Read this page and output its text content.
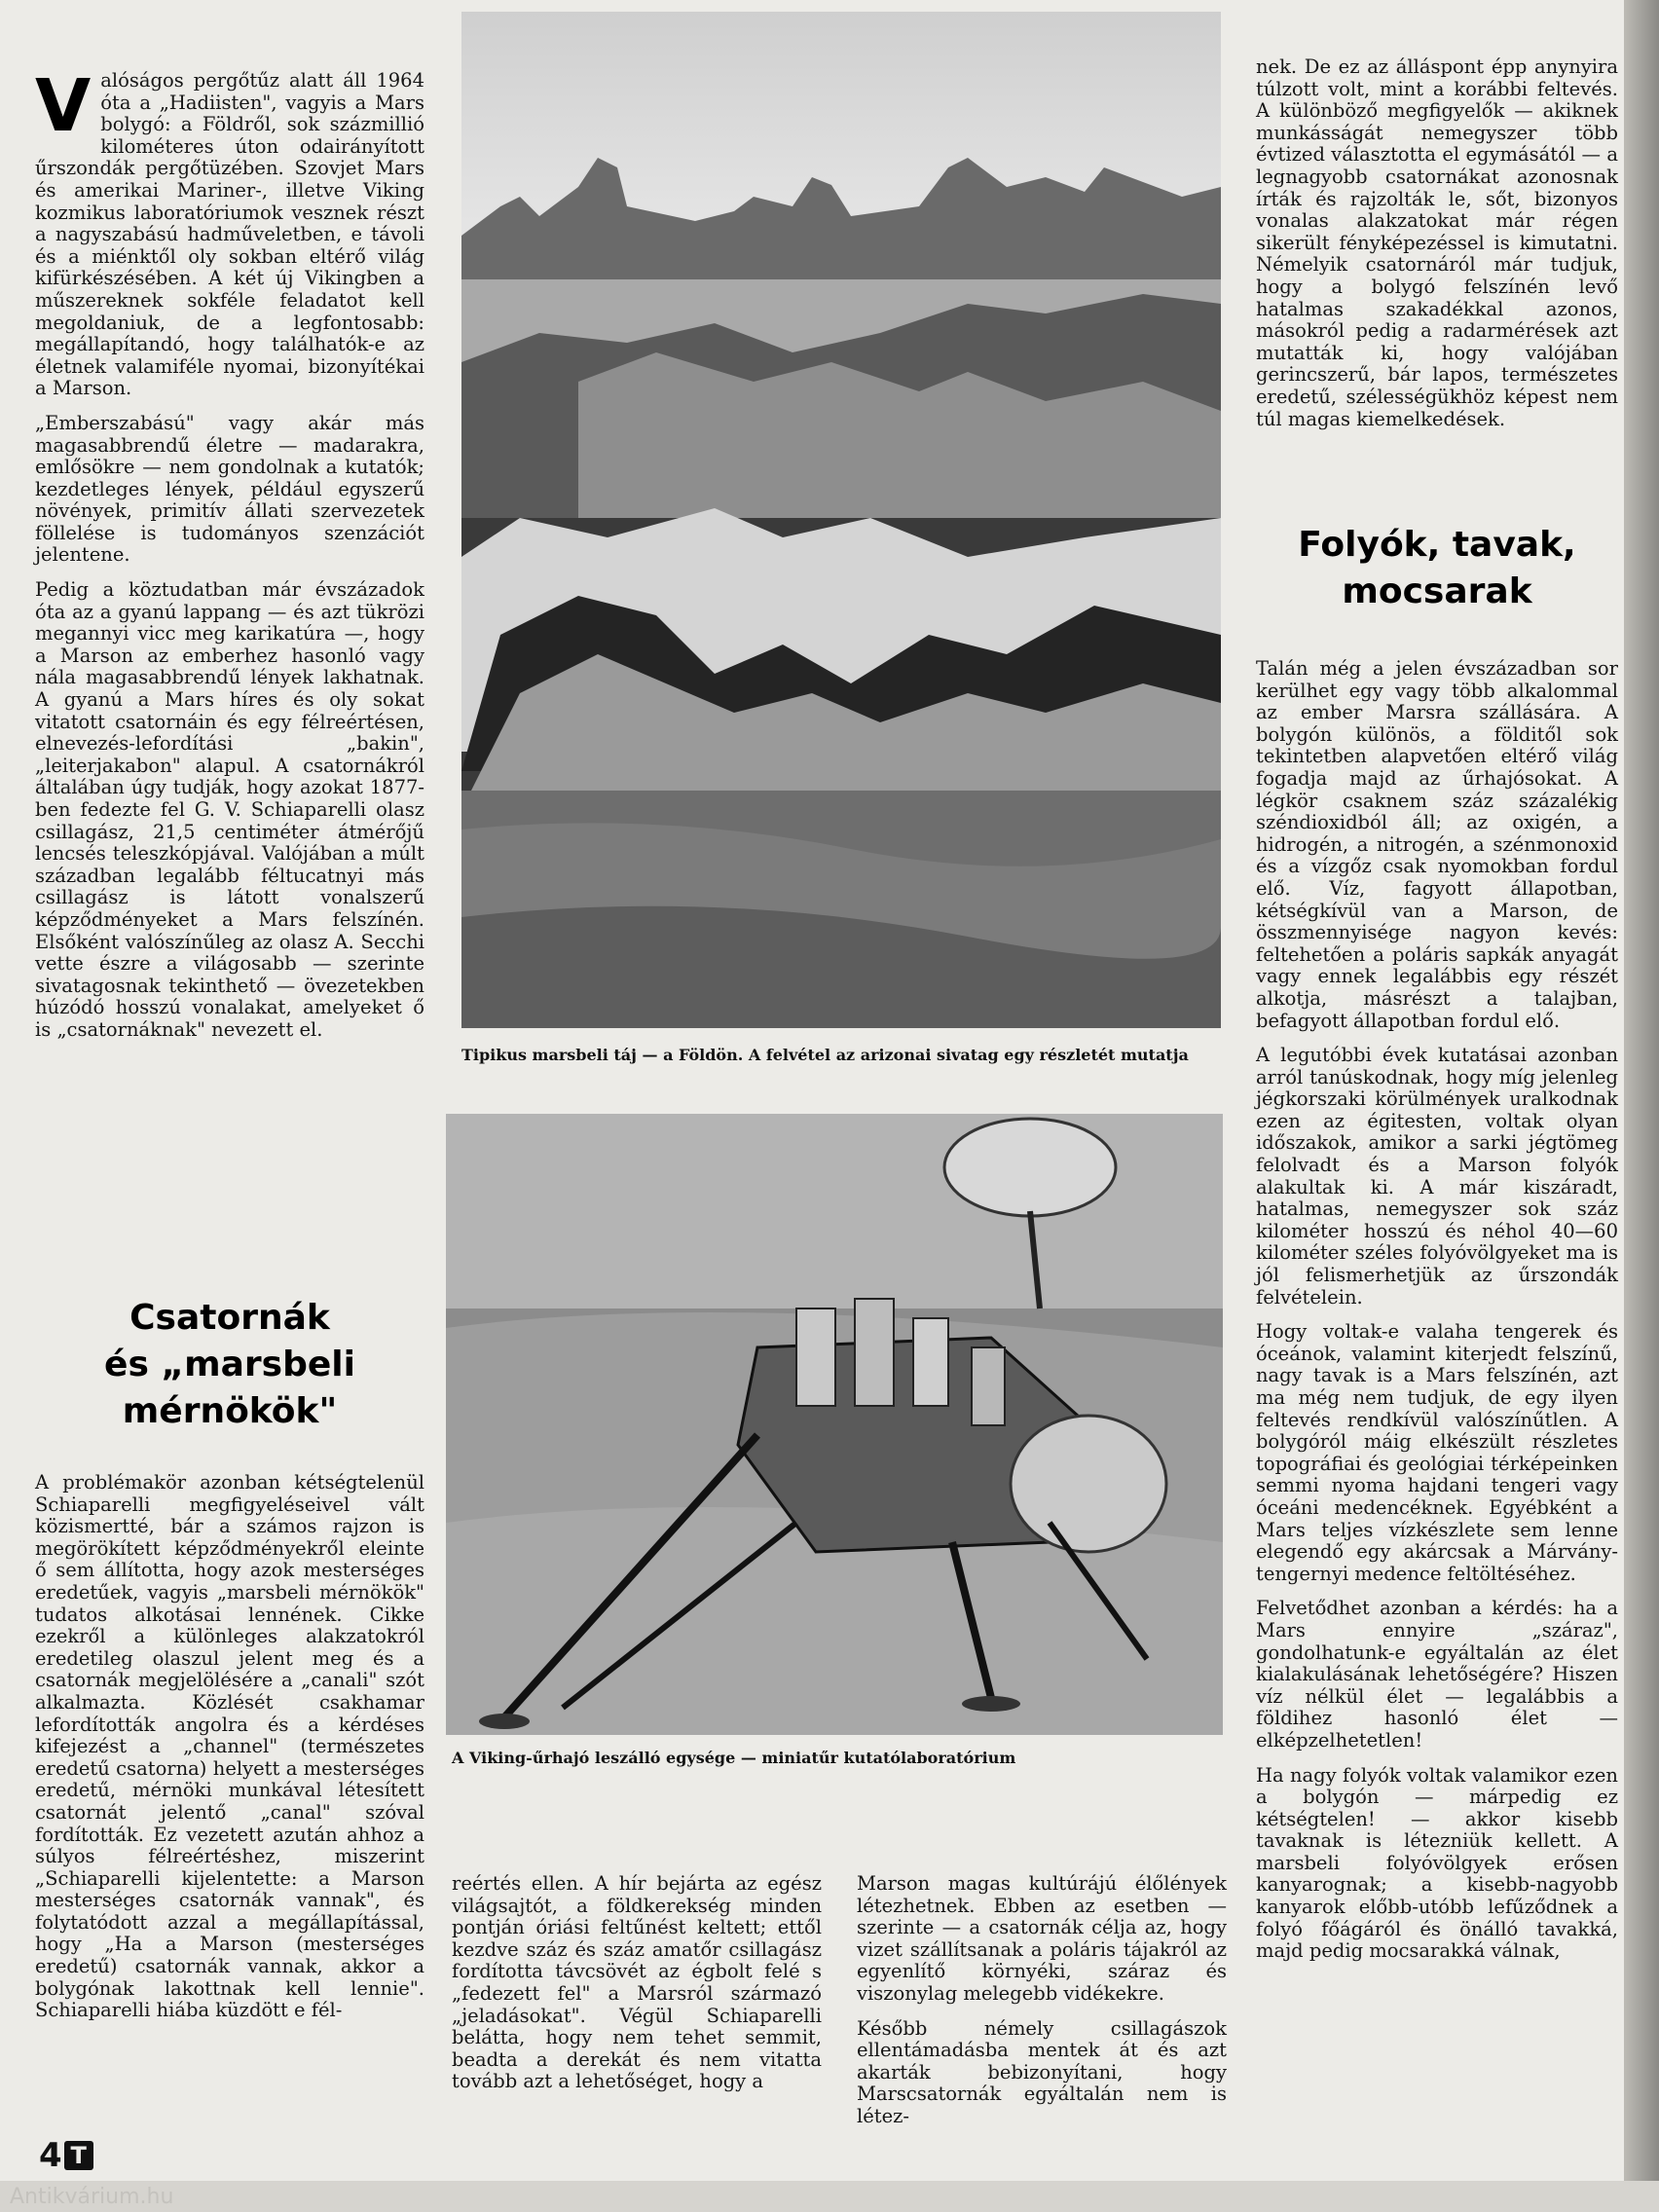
Valóságos pergőtűz alatt áll 1964 óta a „Hadiisten", vagyis a Mars bolygó: a Földről, sok százmillió kilométeres úton odairányított űrszondák pergőtüzében. Szovjet Mars és amerikai Mariner-, illetve Viking kozmikus laboratóriumok vesznek részt a nagyszabású hadműveletben, e távoli és a miénktől oly sokban eltérő világ kifürkészésében. A két új Vikingben a műszereknek sokféle feladatot kell megoldaniuk, de a legfontosabb: megállapítandó, hogy találhatók-e az életnek valamiféle nyomai, bizonyítékai a Marson.

„Emberszabású" vagy akár más magasabbrendű életre — madarakra, emlősökre — nem gondolnak a kutatók; kezdetleges lények, például egyszerű növények, primitív állati szervezetek föllelése is tudományos szenzációt jelentene.

Pedig a köztudatban már évszázadok óta az a gyanú lappang — és azt tükrözi megannyi vicc meg karikatúra —, hogy a Marson az emberhez hasonló vagy nála magasabbrendű lények lakhatnak. A gyanú a Mars híres és oly sokat vitatott csatornáin és egy félreértésen, elnevezés-lefordítási „bakin", „leiterjakabon" alapul. A csatornákról általában úgy tudják, hogy azokat 1877-ben fedezte fel G. V. Schiaparelli olasz csillagász, 21,5 centiméter átmérőjű lencsés teleszkópjával. Valójában a múlt században legalább féltucatnyi más csillagász is látott vonalszerű képződményeket a Mars felszínén. Elsőként valószínűleg az olasz A. Secchi vette észre a világosabb — szerinte sivatagosnak tekinthető — övezetekben húzódó hosszú vonalakat, amelyeket ő is „csatornáknak" nevezett el.

Csatornák
és „marsbeli
mérnökök"

A problémakör azonban kétségtelenül Schiaparelli megfigyeléseivel vált közismertté, bár a számos rajzon is megörökített képződményekről eleinte ő sem állította, hogy azok mesterséges eredetűek, vagyis „marsbeli mérnökök" tudatos alkotásai lennének. Cikke ezekről a különleges alakzatokról eredetileg olaszul jelent meg és a csatornák megjelölésére a „canali" szót alkalmazta. Közlését csakhamar lefordították angolra és a kérdéses kifejezést a „channel" (természetes eredetű csatorna) helyett a mesterséges eredetű, mérnöki munkával létesített csatornát jelentő „canal" szóval fordították. Ez vezetett azután ahhoz a súlyos félreértéshez, miszerint „Schiaparelli kijelentette: a Marson mesterséges csatornák vannak", és folytatódott azzal a megállapítással, hogy „Ha a Marson (mesterséges eredetű) csatornák vannak, akkor a bolygónak lakottnak kell lennie". Schiaparelli hiába küzdött e fél-

Tipikus marsbeli táj — a Földön. A felvétel az arizonai sivatag egy részletét mutatja
A Viking-űrhajó leszálló egysége — miniatűr kutatólaboratórium

reértés ellen. A hír bejárta az egész világsajtót, a földkerekség minden pontján óriási feltűnést keltett; ettől kezdve száz és száz amatőr csillagász fordította távcsövét az égbolt felé s „fedezett fel" a Marsról származó „jeladásokat". Végül Schiaparelli belátta, hogy nem tehet semmit, beadta a derekát és nem vitatta tovább azt a lehetőséget, hogy a

Marson magas kultúrájú élőlények létezhetnek. Ebben az esetben — szerinte — a csatornák célja az, hogy vizet szállítsanak a poláris tájakról az egyenlítő környéki, száraz és viszonylag melegebb vidékekre.

Később némely csillagászok ellentámadásba mentek át és azt akarták bebizonyítani, hogy Marscsatornák egyáltalán nem is létez-

nek. De ez az álláspont épp anynyira túlzott volt, mint a korábbi feltevés. A különböző megfigyelők — akiknek munkásságát nemegyszer több évtized választotta el egymásától — a legnagyobb csatornákat azonosnak írták és rajzolták le, sőt, bizonyos vonalas alakzatokat már régen sikerült fényképezéssel is kimutatni. Némelyik csatornáról már tudjuk, hogy a bolygó felszínén levő hatalmas szakadékkal azonos, másokról pedig a radarmérések azt mutatták ki, hogy valójában gerincszerű, bár lapos, természetes eredetű, szélességükhöz képest nem túl magas kiemelkedések.

Folyók, tavak,
mocsarak

Talán még a jelen évszázadban sor kerülhet egy vagy több alkalommal az ember Marsra szállására. A bolygón különös, a földitől sok tekintetben alapvetően eltérő világ fogadja majd az űrhajósokat. A légkör csaknem száz százalékig széndioxidból áll; az oxigén, a hidrogén, a nitrogén, a szénmonoxid és a vízgőz csak nyomokban fordul elő. Víz, fagyott állapotban, kétségkívül van a Marson, de összmennyisége nagyon kevés: feltehetően a poláris sapkák anyagát vagy ennek legalábbis egy részét alkotja, másrészt a talajban, befagyott állapotban fordul elő.

A legutóbbi évek kutatásai azonban arról tanúskodnak, hogy míg jelenleg jégkorszaki körülmények uralkodnak ezen az égitesten, voltak olyan időszakok, amikor a sarki jégtömeg felolvadt és a Marson folyók alakultak ki. A már kiszáradt, hatalmas, nemegyszer sok száz kilométer hosszú és néhol 40—60 kilométer széles folyóvölgyeket ma is jól felismerhetjük az űrszondák felvételein.

Hogy voltak-e valaha tengerek és óceánok, valamint kiterjedt felszínű, nagy tavak is a Mars felszínén, azt ma még nem tudjuk, de egy ilyen feltevés rendkívül valószínűtlen. A bolygóról máig elkészült részletes topográfiai és geológiai térképeinken semmi nyoma hajdani tengeri vagy óceáni medencéknek. Egyébként a Mars teljes vízkészlete sem lenne elegendő egy akárcsak a Márvány-tengernyi medence feltöltéséhez.

Felvetődhet azonban a kérdés: ha a Mars ennyire „száraz", gondolhatunk-e egyáltalán az élet kialakulásának lehetőségére? Hiszen víz nélkül élet — legalábbis a földihez hasonló élet — elképzelhetetlen!

Ha nagy folyók voltak valamikor ezen a bolygón — márpedig ez kétségtelen! — akkor kisebb tavaknak is létezniük kellett. A marsbeli folyóvölgyek erősen kanyarognak; a kisebb-nagyobb kanyarok előbb-utóbb lefűződnek a folyó főágáról és önálló tavakká, majd pedig mocsarakká válnak,

4 T
Antikvárium.hu
